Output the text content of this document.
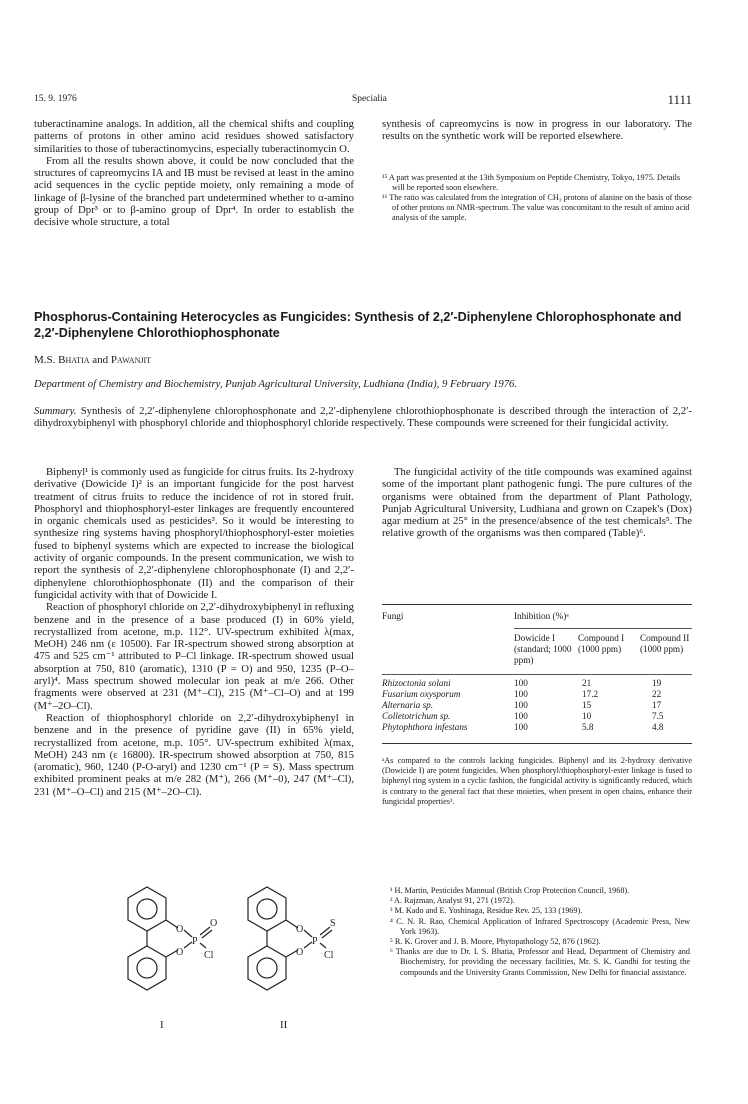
15. 9. 1976	Specialia	1111

tuberactinamine analogs. In addition, all the chemical shifts and coupling patterns of protons in other amino acid residues showed satisfactory similarities to those of tuberactinomycins, especially tuberactinomycin O.

From all the results shown above, it could be now concluded that the structures of capreomycins IA and IB must be revised at least in the amino acid sequences in the cyclic peptide moiety, only remaining a mode of linkage of β-lysine of the branched part undetermined whether to α-amino group of Dpr³ or to β-amino group of Dpr⁴. In order to establish the decisive whole structure, a total

synthesis of capreomycins is now in progress in our laboratory. The results on the synthetic work will be reported elsewhere.

¹⁵ A part was presented at the 13th Symposium on Peptide Chemistry, Tokyo, 1975. Details will be reported soon elsewhere.

¹⁶ The ratio was calculated from the integration of CH₃ protons of alanine on the basis of those of other protons on NMR-spectrum. The value was concomitant to the result of amino acid analysis of the sample.

Phosphorus-Containing Heterocycles as Fungicides: Synthesis of 2,2′-Diphenylene Chlorophosphonate and 2,2′-Diphenylene Chlorothiophosphonate
M.S. Bhatia and Pawanjit
Department of Chemistry and Biochemistry, Punjab Agricultural University, Ludhiana (India), 9 February 1976.
Summary. Synthesis of 2,2′-diphenylene chlorophosphonate and 2,2′-diphenylene chlorothiophosphonate is described through the interaction of 2,2′-dihydroxybiphenyl with phosphoryl chloride and thiophosphoryl chloride respectively. These compounds were screened for their fungicidal activity.

Biphenyl¹ is commonly used as fungicide for citrus fruits. Its 2-hydroxy derivative (Dowicide I)² is an important fungicide for the post harvest treatment of citrus fruits to reduce the incidence of rot in stored fruit. Phosphoryl and thiophosphoryl-ester linkages are frequently encountered in organic chemicals used as pesticides³. So it would be interesting to synthesize ring systems having phosphoryl/thiophosphoryl-ester moieties fused to biphenyl systems which are expected to increase the biological activity of organic compounds. In the present communication, we wish to report the synthesis of 2,2′-diphenylene chlorophosphonate (I) and 2,2′-diphenylene chlorothiophosphonate (II) and the comparison of their fungicidal activity with that of Dowicide I.

Reaction of phosphoryl chloride on 2,2′-dihydroxybiphenyl in refluxing benzene and in the presence of a base produced (I) in 60% yield, recrystallized from acetone, m.p. 112°. UV-spectrum exhibited λ(max, MeOH) 246 nm (ε 10500). Far IR-spectrum showed strong absorption at 475 and 525 cm⁻¹ attributed to P–Cl linkage. IR-spectrum showed usual absorption at 750, 810 (aromatic), 1310 (P = O) and 950, 1235 (P–O–aryl)⁴. Mass spectrum showed molecular ion peak at m/e 266. Other fragments were observed at 231 (M⁺–Cl), 215 (M⁺–Cl–O) and at 199 (M⁺–2O–Cl).

Reaction of thiophosphoryl chloride on 2,2′-dihydroxybiphenyl in benzene and in the presence of pyridine gave (II) in 65% yield, recrystallized from acetone, m.p. 105°. UV-spectrum exhibited λ(max, MeOH) 243 nm (ε 16800). IR-spectrum showed absorption at 750, 815 (aromatic), 960, 1240 (P-O-aryl) and 1230 cm⁻¹ (P = S). Mass spectrum exhibited prominent peaks at m/e 282 (M⁺), 266 (M⁺–0), 247 (M⁺–Cl), 231 (M⁺–O–Cl) and 215 (M⁺–2O–Cl).

O
O
P
O
Cl
I
O
O
P
S
Cl
II

The fungicidal activity of the title compounds was examined against some of the important plant pathogenic fungi. The pure cultures of the organisms were obtained from the department of Plant Pathology, Punjab Agricultural University, Ludhiana and grown on Czapek's (Dox) agar medium at 25° in the presence/absence of the test chemicals⁵. The relative growth of the organisms was then compared (Table)⁶.

Fungi	Inhibition (%)ᵃ		

	Dowicide I (standard; 1000 ppm)	Compound I (1000 ppm)	Compound II (1000 ppm)

Rhizoctonia solani	100	21	19
Fusarium oxysporum	100	17.2	22
Alternaria sp.	100	15	17
Colletotrichum sp.	100	10	7.5
Phytophthora infestans	100	5.8	4.8

ᵃAs compared to the controls lacking fungicides. Biphenyl and its 2-hydroxy derivative (Dowicide I) are potent fungicides. When phosphoryl/thiophosphoryl-ester linkage is fused to biphenyl ring system in a cyclic fashion, the fungicidal activity is significantly reduced, which is contrary to the general fact that these moieties, when present in open chains, enhance their fungicidal properties³.

¹ H. Martin, Pesticides Mannual (British Crop Protection Council, 1968).

² A. Rajzman, Analyst 91, 271 (1972).

³ M. Kado and E. Yoshinaga, Residue Rev. 25, 133 (1969).

⁴ C. N. R. Rao, Chemical Application of Infrared Spectroscopy (Academic Press, New York 1963).

⁵ R. K. Grover and J. B. Moore, Phytopathology 52, 876 (1962).

⁶ Thanks are due to Dr. I. S. Bhatia, Professor and Head, Department of Chemistry and Biochemistry, for providing the necessary facilities, Mr. S. K. Gandhi for testing the compounds and the University Grants Commission, New Delhi for financial assistance.
